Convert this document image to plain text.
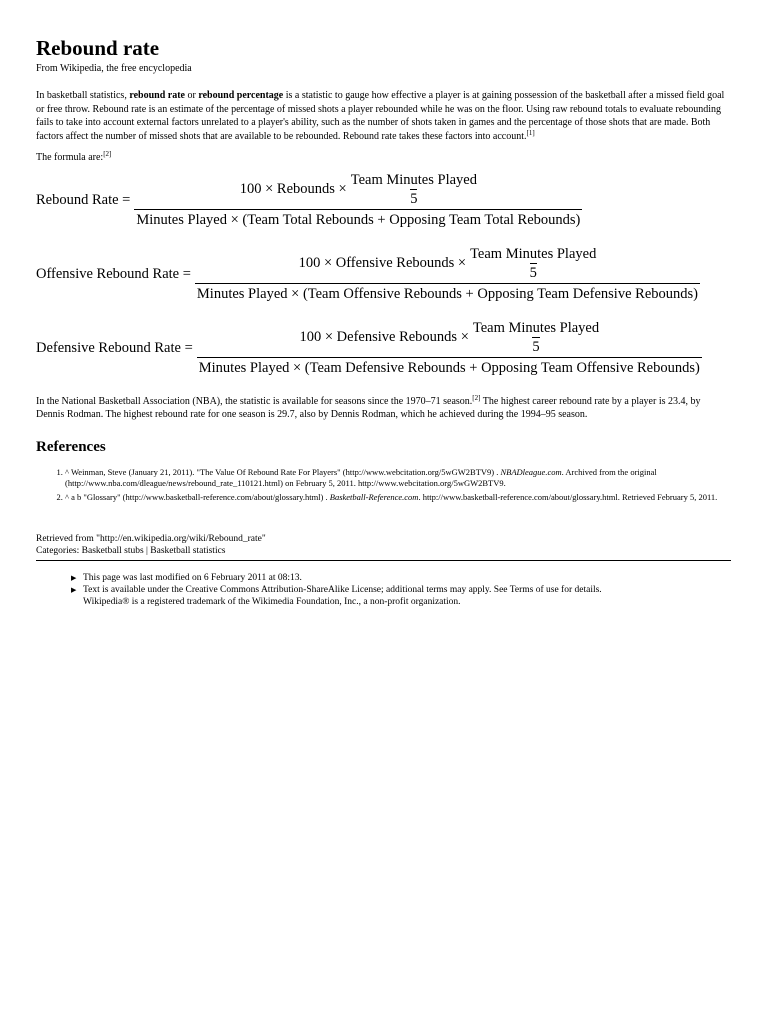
Rebound rate
From Wikipedia, the free encyclopedia

In basketball statistics, rebound rate or rebound percentage is a statistic to gauge how effective a player is at gaining possession of the basketball after a missed field goal or free throw. Rebound rate is an estimate of the percentage of missed shots a player rebounded while he was on the floor. Using raw rebound totals to evaluate rebounding fails to take into account external factors unrelated to a player's ability, such as the number of shots taken in games and the percentage of those shots that are made. Both factors affect the number of missed shots that are available to be rebounded. Rebound rate takes these factors into account.[1]

The formula are:[2]

Rebound Rate =
100 × Rebounds × $\frac{\text{Team Minutes Played}}{5}$
Minutes Played × (Team Total Rebounds + Opposing Team Total Rebounds)
Offensive Rebound Rate =
100 × Offensive Rebounds × $\frac{\text{Team Minutes Played}}{5}$
Minutes Played × (Team Offensive Rebounds + Opposing Team Defensive Rebounds)
Defensive Rebound Rate =
100 × Defensive Rebounds × $\frac{\text{Team Minutes Played}}{5}$
Minutes Played × (Team Defensive Rebounds + Opposing Team Offensive Rebounds)

In the National Basketball Association (NBA), the statistic is available for seasons since the 1970–71 season.[2] The highest career rebound rate by a player is 23.4, by Dennis Rodman. The highest rebound rate for one season is 29.7, also by Dennis Rodman, which he achieved during the 1994–95 season.

References
1. ^ Weinman, Steve (January 21, 2011). "The Value Of Rebound Rate For Players" (http://www.webcitation.org/5wGW2BTV9) . NBADleague.com. Archived from the original (http://www.nba.com/dleague/news/rebound_rate_110121.html) on February 5, 2011. http://www.webcitation.org/5wGW2BTV9.
2. ^ a b "Glossary" (http://www.basketball-reference.com/about/glossary.html) . Basketball-Reference.com. http://www.basketball-reference.com/about/glossary.html. Retrieved February 5, 2011.
Retrieved from "http://en.wikipedia.org/wiki/Rebound_rate"
Categories: Basketball stubs | Basketball statistics
▶ This page was last modified on 6 February 2011 at 08:13.
▶ Text is available under the Creative Commons Attribution-ShareAlike License; additional terms may apply. See Terms of use for details.
Wikipedia® is a registered trademark of the Wikimedia Foundation, Inc., a non-profit organization.
